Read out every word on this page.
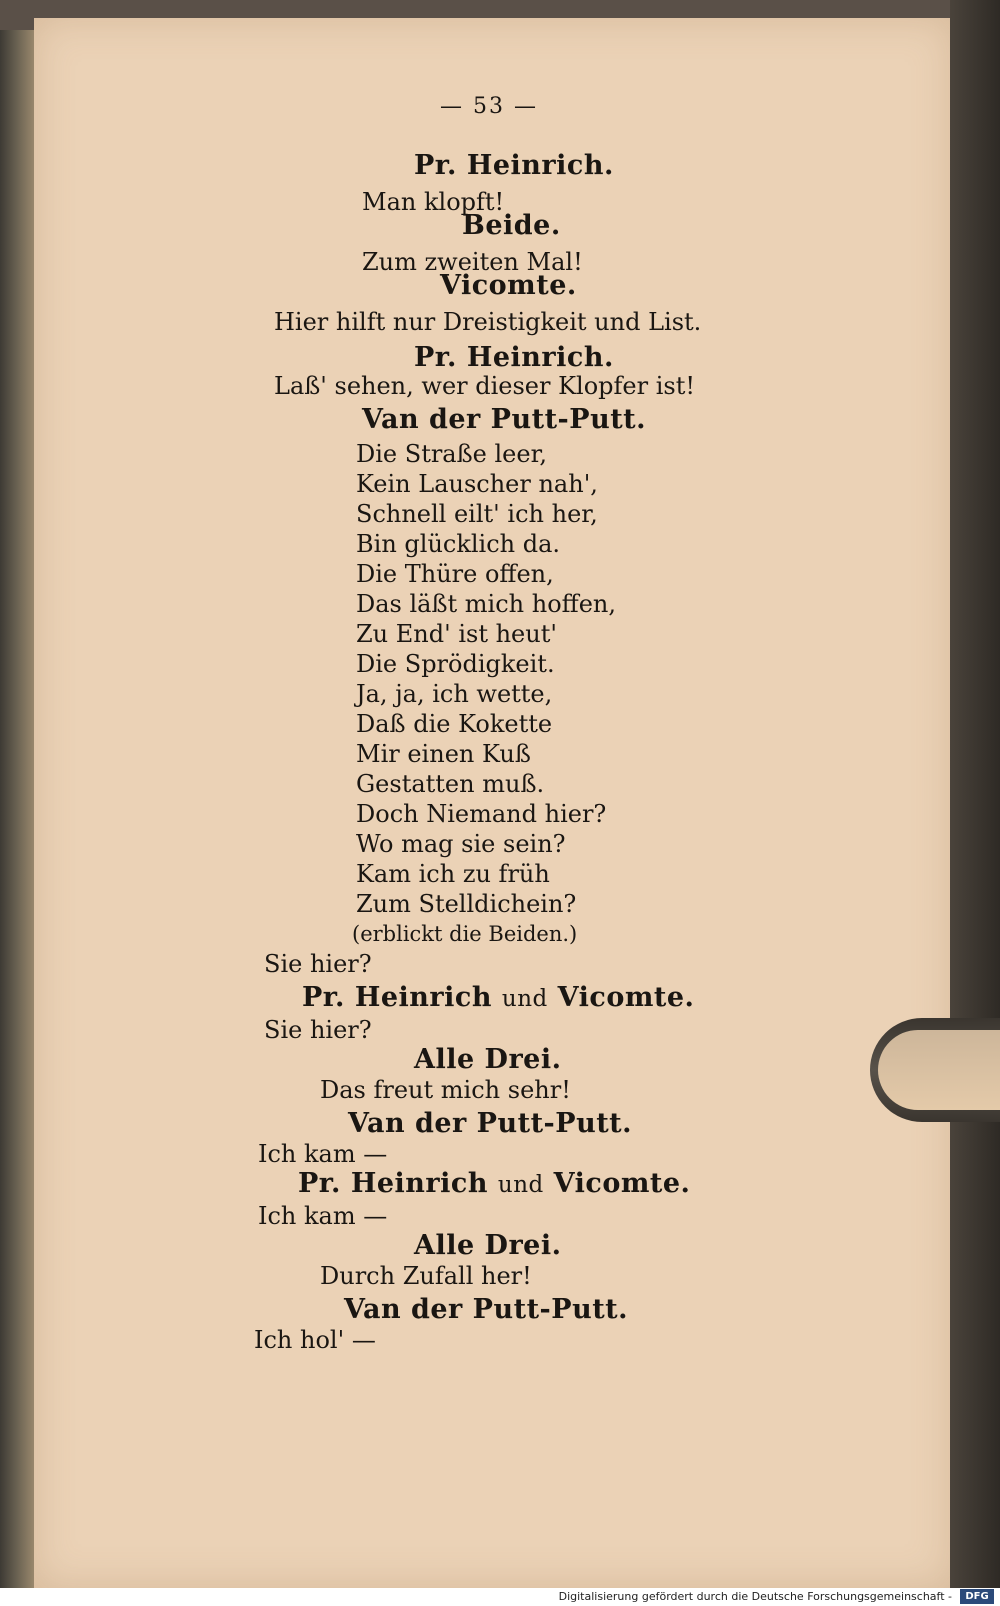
— 53 —
Pr. Heinrich.
Man klopft!
Beide.
Zum zweiten Mal!
Vicomte.
Hier hilft nur Dreistigkeit und List.
Pr. Heinrich.
Laß' sehen, wer dieser Klopfer ist!
Van der Putt-Putt.
Die Straße leer,
Kein Lauscher nah',
Schnell eilt' ich her,
Bin glücklich da.
Die Thüre offen,
Das läßt mich hoffen,
Zu End' ist heut'
Die Sprödigkeit.
Ja, ja, ich wette,
Daß die Kokette
Mir einen Kuß
Gestatten muß.
Doch Niemand hier?
Wo mag sie sein?
Kam ich zu früh
Zum Stelldichein?
(erblickt die Beiden.)
Sie hier?
Pr. Heinrich und Vicomte.
Sie hier?
Alle Drei.
Das freut mich sehr!
Van der Putt-Putt.
Ich kam —
Pr. Heinrich und Vicomte.
Ich kam —
Alle Drei.
Durch Zufall her!
Van der Putt-Putt.
Ich hol' —
Digitalisierung gefördert durch die Deutsche Forschungsgemeinschaft -	DFG
